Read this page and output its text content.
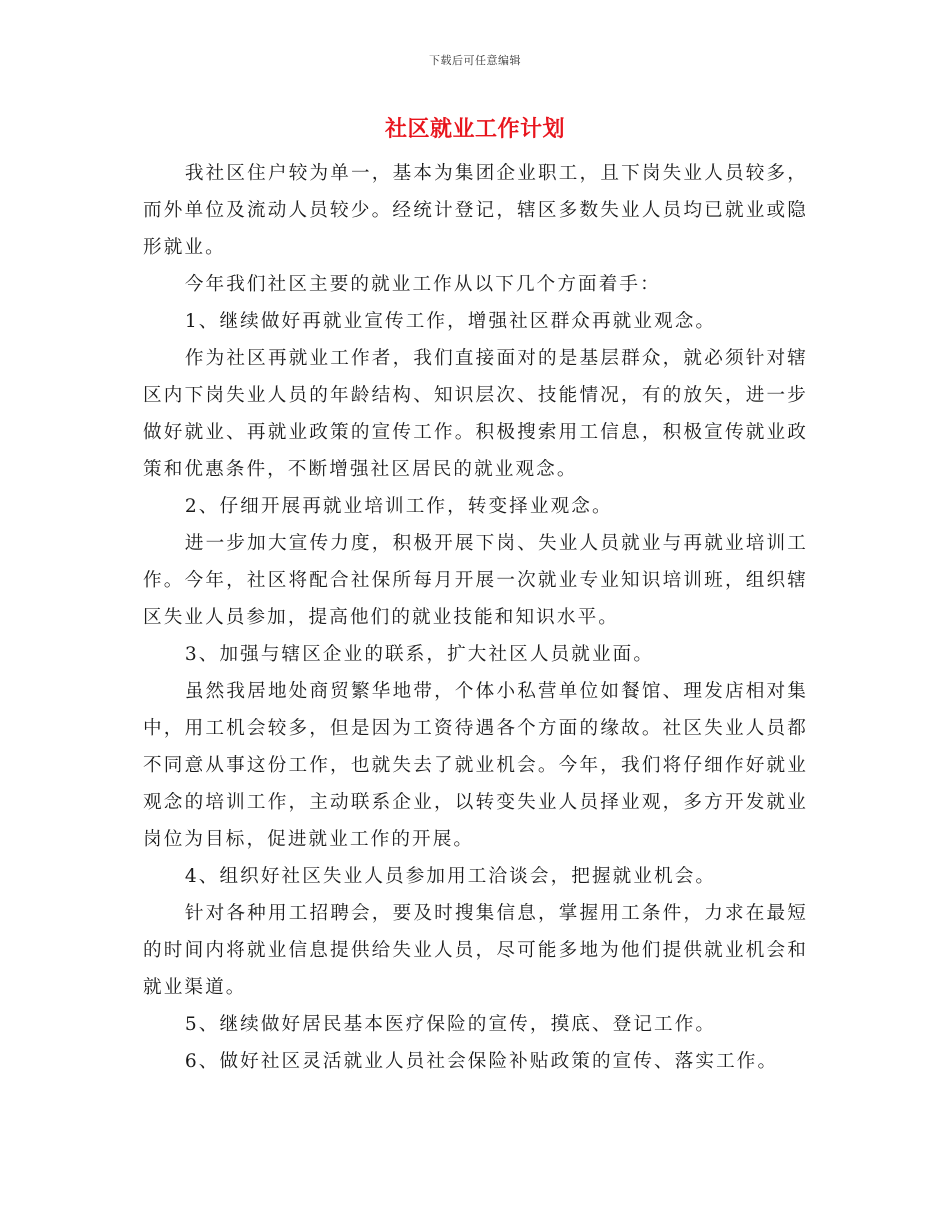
下载后可任意编辑
社区就业工作计划

我社区住户较为单一，基本为集团企业职工，且下岗失业人员较多，而外单位及流动人员较少。经统计登记，辖区多数失业人员均已就业或隐形就业。

今年我们社区主要的就业工作从以下几个方面着手：

1、继续做好再就业宣传工作，增强社区群众再就业观念。

作为社区再就业工作者，我们直接面对的是基层群众，就必须针对辖区内下岗失业人员的年龄结构、知识层次、技能情况，有的放矢，进一步做好就业、再就业政策的宣传工作。积极搜索用工信息，积极宣传就业政策和优惠条件，不断增强社区居民的就业观念。

2、仔细开展再就业培训工作，转变择业观念。

进一步加大宣传力度，积极开展下岗、失业人员就业与再就业培训工作。今年，社区将配合社保所每月开展一次就业专业知识培训班，组织辖区失业人员参加，提高他们的就业技能和知识水平。

3、加强与辖区企业的联系，扩大社区人员就业面。

虽然我居地处商贸繁华地带，个体小私营单位如餐馆、理发店相对集中，用工机会较多，但是因为工资待遇各个方面的缘故。社区失业人员都不同意从事这份工作，也就失去了就业机会。今年，我们将仔细作好就业观念的培训工作，主动联系企业，以转变失业人员择业观，多方开发就业岗位为目标，促进就业工作的开展。

4、组织好社区失业人员参加用工洽谈会，把握就业机会。

针对各种用工招聘会，要及时搜集信息，掌握用工条件，力求在最短的时间内将就业信息提供给失业人员，尽可能多地为他们提供就业机会和就业渠道。

5、继续做好居民基本医疗保险的宣传，摸底、登记工作。

6、做好社区灵活就业人员社会保险补贴政策的宣传、落实工作。
